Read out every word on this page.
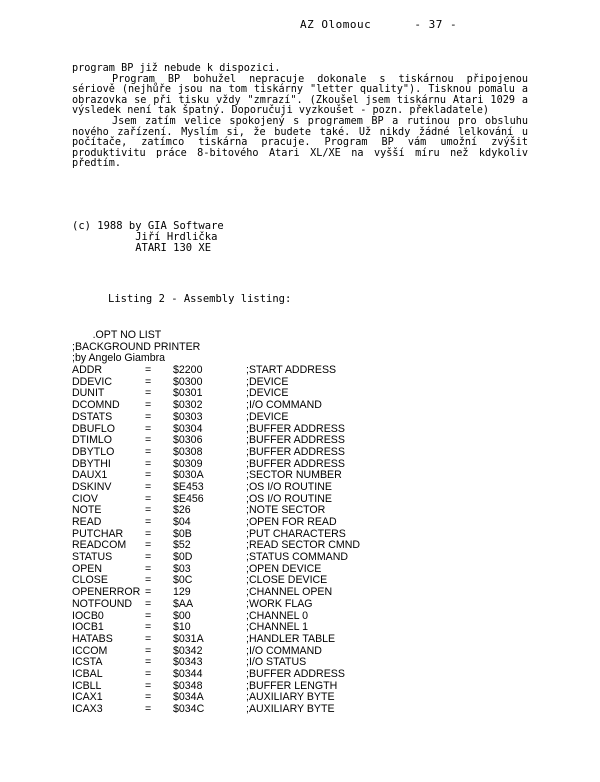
AZ Olomouc	- 37 -

program BP již nebude k dispozici.

Program BP bohužel nepracuje dokonale s tiskárnou připojenou sériově (nejhůře jsou na tom tiskárny "letter quality"). Tisknou pomalu a obrazovka se při tisku vždy "zmrazí". (Zkoušel jsem tiskárnu Atari 1029 a výsledek není tak špatný. Doporučuji vyzkoušet - pozn. překladatele)

Jsem zatím velice spokojený s programem BP a rutinou pro obsluhu nového zařízení. Myslím si, že budete také. Už nikdy žádné lelkování u počítače, zatímco tiskárna pracuje. Program BP vám umožní zvýšit produktivitu práce 8-bitového Atari XL/XE na vyšší míru než kdykoliv předtím.

(c) 1988 by GIA Software
Jiří Hrdlička
ATARI 130 XE
Listing 2 - Assembly listing:
.OPT NO LIST
;BACKGROUND PRINTER
;by Angelo Giambra
ADDR	=	$2200	;START ADDRESS
DDEVIC	=	$0300	;DEVICE
DUNIT	=	$0301	;DEVICE
DCOMND	=	$0302	;I/O COMMAND
DSTATS	=	$0303	;DEVICE
DBUFLO	=	$0304	;BUFFER ADDRESS
DTIMLO	=	$0306	;BUFFER ADDRESS
DBYTLO	=	$0308	;BUFFER ADDRESS
DBYTHI	=	$0309	;BUFFER ADDRESS
DAUX1	=	$030A	;SECTOR NUMBER
DSKINV	=	$E453	;OS I/O ROUTINE
CIOV	=	$E456	;OS I/O ROUTINE
NOTE	=	$26	;NOTE SECTOR
READ	=	$04	;OPEN FOR READ
PUTCHAR	=	$0B	;PUT CHARACTERS
READCOM	=	$52	;READ SECTOR CMND
STATUS	=	$0D	;STATUS COMMAND
OPEN	=	$03	;OPEN DEVICE
CLOSE	=	$0C	;CLOSE DEVICE
OPENERROR =	129	;CHANNEL OPEN
NOTFOUND	=	$AA	;WORK FLAG
IOCB0	=	$00	;CHANNEL 0
IOCB1	=	$10	;CHANNEL 1
HATABS	=	$031A	;HANDLER TABLE
ICCOM	=	$0342	;I/O COMMAND
ICSTA	=	$0343	;I/O STATUS
ICBAL	=	$0344	;BUFFER ADDRESS
ICBLL	=	$0348	;BUFFER LENGTH
ICAX1	=	$034A	;AUXILIARY BYTE
ICAX3	=	$034C	;AUXILIARY BYTE
